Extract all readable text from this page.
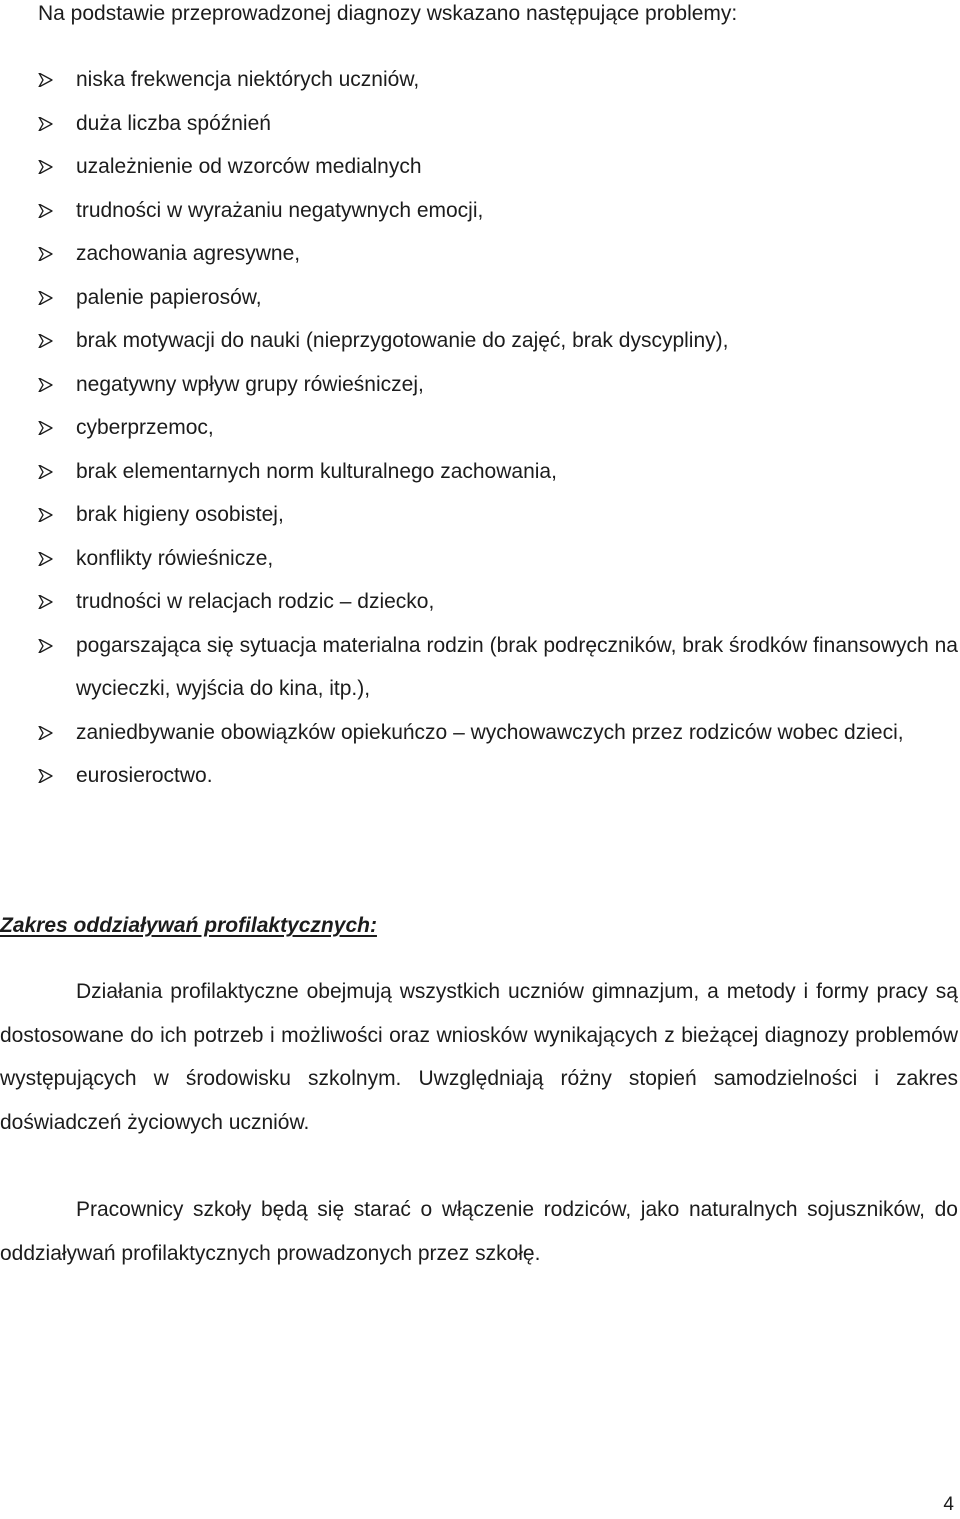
Na podstawie przeprowadzonej diagnozy wskazano następujące problemy:

niska frekwencja niektórych uczniów,
duża liczba spóźnień
uzależnienie od wzorców medialnych
trudności w wyrażaniu negatywnych emocji,
zachowania agresywne,
palenie papierosów,
brak motywacji do nauki (nieprzygotowanie do zajęć, brak dyscypliny),
negatywny wpływ grupy rówieśniczej,
cyberprzemoc,
brak elementarnych norm kulturalnego zachowania,
brak higieny osobistej,
konflikty rówieśnicze,
trudności w relacjach rodzic – dziecko,
pogarszająca się sytuacja materialna rodzin (brak podręczników, brak środków finansowych na wycieczki, wyjścia do kina, itp.),
zaniedbywanie obowiązków opiekuńczo – wychowawczych przez rodziców wobec dzieci,
eurosieroctwo.

Zakres oddziaływań profilaktycznych:

Działania profilaktyczne obejmują wszystkich uczniów gimnazjum, a metody i formy pracy są dostosowane do ich potrzeb i możliwości oraz wniosków wynikających z bieżącej diagnozy problemów występujących w środowisku szkolnym. Uwzględniają różny stopień samodzielności i zakres doświadczeń życiowych uczniów.

Pracownicy szkoły będą się starać o włączenie rodziców, jako naturalnych sojuszników, do oddziaływań profilaktycznych prowadzonych przez szkołę.

4
